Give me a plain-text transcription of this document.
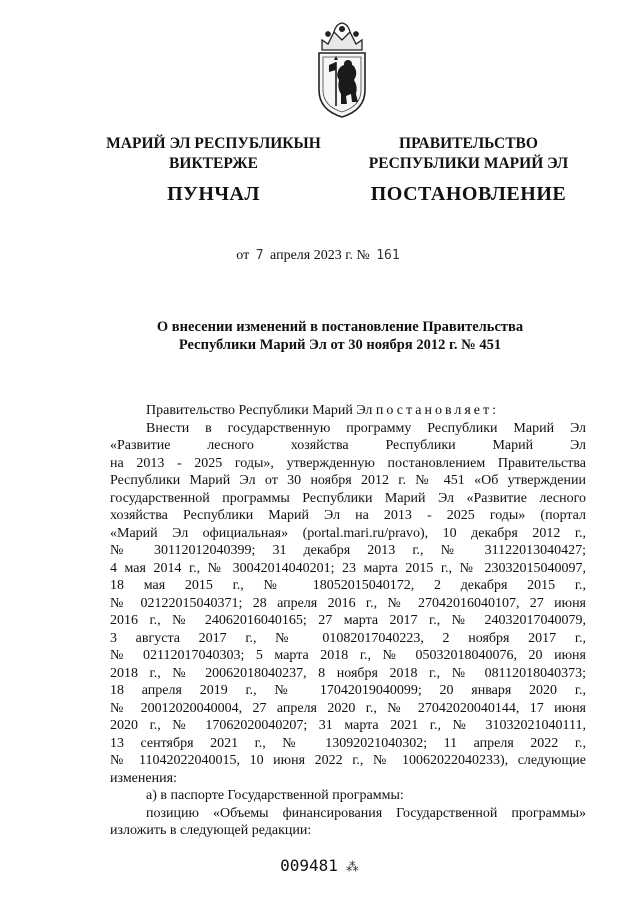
МАРИЙ ЭЛ РЕСПУБЛИКЫН
ВИКТЕРЖЕ
ПУНЧАЛ
ПРАВИТЕЛЬСТВО
РЕСПУБЛИКИ МАРИЙ ЭЛ
ПОСТАНОВЛЕНИЕ
от 7 апреля 2023 г. № 161
О внесении изменений в постановление Правительства
Республики Марий Эл от 30 ноября 2012 г. № 451

Правительство Республики Марий Эл постановляет:

Внести в государственную программу Республики Марий Эл

«Развитие лесного хозяйства Республики Марий Эл

на 2013 - 2025 годы», утвержденную постановлением Правительства

Республики Марий Эл от 30 ноября 2012 г. № 451 «Об утверждении

государственной программы Республики Марий Эл «Развитие лесного

хозяйства Республики Марий Эл на 2013 - 2025 годы» (портал

«Марий Эл официальная» (portal.mari.ru/pravo), 10 декабря 2012 г.,

№ 30112012040399; 31 декабря 2013 г., № 31122013040427;

4 мая 2014 г., № 30042014040201; 23 марта 2015 г., № 23032015040097,

18 мая 2015 г., № 18052015040172, 2 декабря 2015 г.,

№ 02122015040371; 28 апреля 2016 г., № 27042016040107, 27 июня

2016 г., № 24062016040165; 27 марта 2017 г., № 24032017040079,

3 августа 2017 г., № 01082017040223, 2 ноября 2017 г.,

№ 02112017040303; 5 марта 2018 г., № 05032018040076, 20 июня

2018 г., № 20062018040237, 8 ноября 2018 г., № 08112018040373;

18 апреля 2019 г., № 17042019040099; 20 января 2020 г.,

№ 20012020040004, 27 апреля 2020 г., № 27042020040144, 17 июня

2020 г., № 17062020040207; 31 марта 2021 г., № 31032021040111,

13 сентября 2021 г., № 13092021040302; 11 апреля 2022 г.,

№ 11042022040015, 10 июня 2022 г., № 10062022040233), следующие

изменения:

а) в паспорте Государственной программы:

позицию «Объемы финансирования Государственной программы»

изложить в следующей редакции:

009481 ⁂
